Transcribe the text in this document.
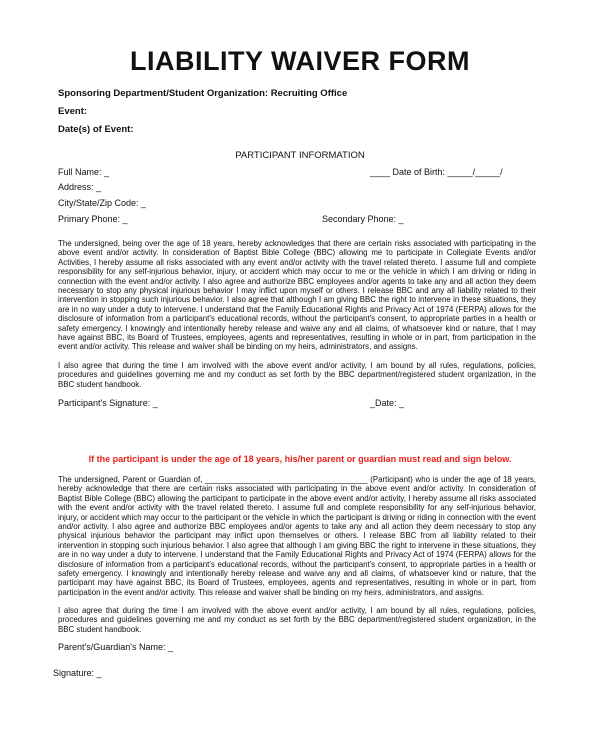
LIABILITY WAIVER FORM
Sponsoring Department/Student Organization: Recruiting Office
Event:
Date(s) of Event:
PARTICIPANT INFORMATION
Full Name: _	____ Date of Birth: _____/_____/
Address: _
City/State/Zip Code: _
Primary Phone: _	Secondary Phone: _
The undersigned, being over the age of 18 years, hereby acknowledges that there are certain risks associated with participating in the above event and/or activity. In consideration of Baptist Bible College (BBC) allowing me to participate in Collegiate Events and/or Activities, I hereby assume all risks associated with any event and/or activity with the travel related thereto. I assume full and complete responsibility for any self-injurious behavior, injury, or accident which may occur to me or the vehicle in which I am driving or riding in connection with the event and/or activity. I also agree and authorize BBC employees and/or agents to take any and all action they deem necessary to stop any physical injurious behavior I may inflict upon myself or others. I release BBC and any all liability related to their intervention in stopping such injurious behavior. I also agree that although I am giving BBC the right to intervene in these situations, they are in no way under a duty to intervene. I understand that the Family Educational Rights and Privacy Act of 1974 (FERPA) allows for the disclosure of information from a participant's educational records, without the participant's consent, to appropriate parties in a health or safety emergency. I knowingly and intentionally hereby release and waive any and all claims, of whatsoever kind or nature, that I may have against BBC, its Board of Trustees, employees, agents and representatives, resulting in whole or in part, from participation in the event and/or activity. This release and waiver shall be binding on my heirs, administrators, and assigns.
I also agree that during the time I am involved with the above event and/or activity, I am bound by all rules, regulations, policies, procedures and guidelines governing me and my conduct as set forth by the BBC department/registered student organization, in the BBC student handbook.
Participant's Signature: _	_Date: _
If the participant is under the age of 18 years, his/her parent or guardian must read and sign below.
The undersigned, Parent or Guardian of, _____________________________________ (Participant) who is under the age of 18 years, hereby acknowledge that there are certain risks associated with participating in the above event and/or activity. In consideration of Baptist Bible College (BBC) allowing the participant to participate in the above event and/or activity, I hereby assume all risks associated with the event and/or activity with the travel related thereto. I assume full and complete responsibility for any self-injurious behavior, injury, or accident which may occur to the participant or the vehicle in which the participant is driving or riding in connection with the event and/or activity. I also agree and authorize BBC employees and/or agents to take any and all action they deem necessary to stop any physical injurious behavior the participant may inflict upon themselves or others. I release BBC from all liability related to their intervention in stopping such injurious behavior. I also agree that although I am giving BBC the right to intervene in these situations, they are in no way under a duty to intervene. I understand that the Family Educational Rights and Privacy Act of 1974 (FERPA) allows for the disclosure of information from a participant's educational records, without the participant's consent, to appropriate parties in a health or safety emergency. I knowingly and intentionally hereby release and waive any and all claims, of whatsoever kind or nature, that the participant may have against BBC, its Board of Trustees, employees, agents and representatives, resulting in whole or in part, from participation in the event and/or activity. This release and waiver shall be binding on my heirs, administrators, and assigns.
I also agree that during the time I am involved with the above event and/or activity, I am bound by all rules, regulations, policies, procedures and guidelines governing me and my conduct as set forth by the BBC department/registered student organization, in the BBC student handbook.
Parent's/Guardian's Name: _
Signature: _
